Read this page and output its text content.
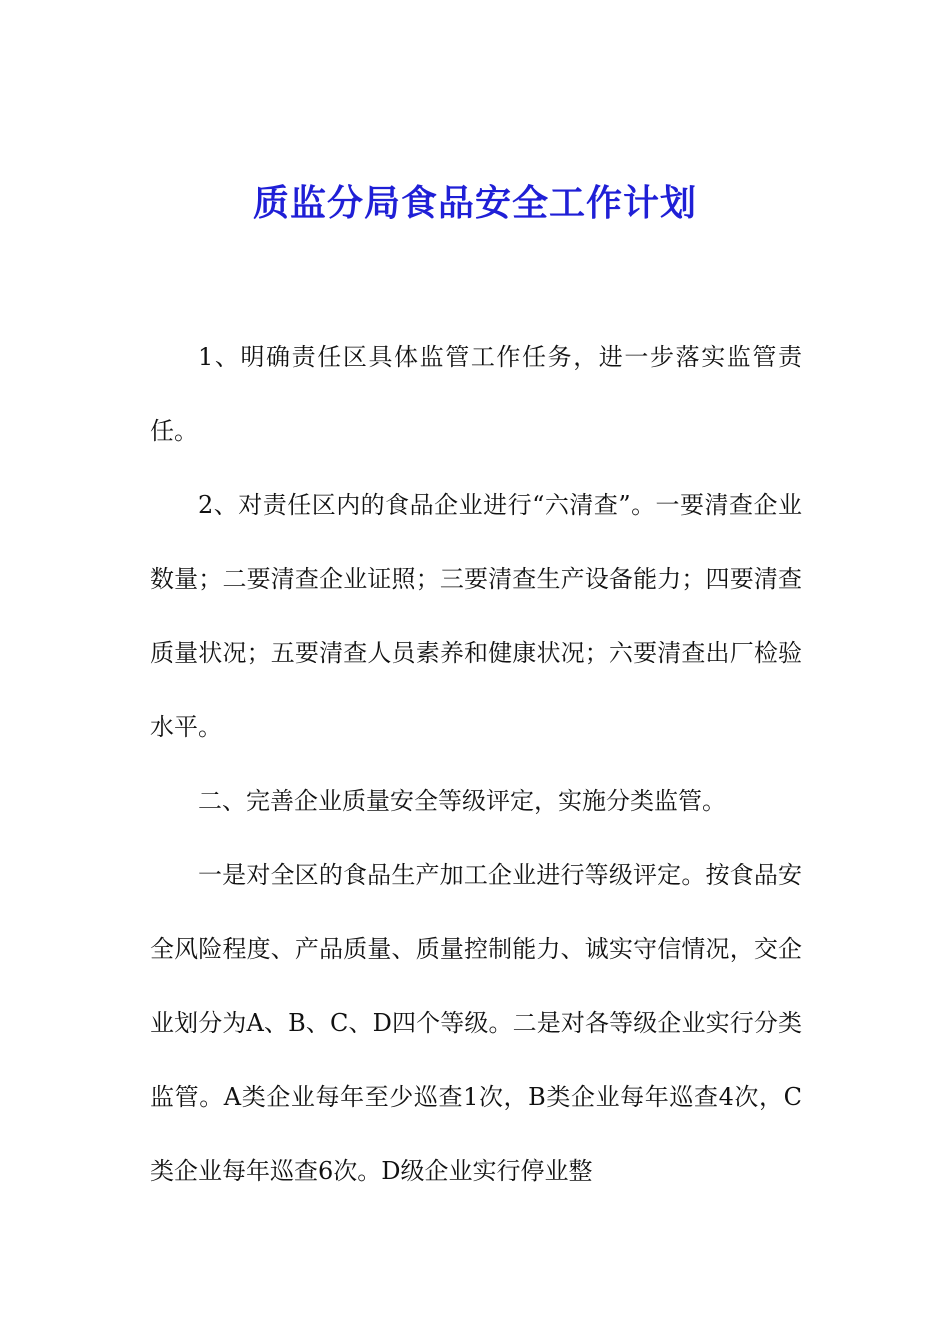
质监分局食品安全工作计划

1、明确责任区具体监管工作任务，进一步落实监管责任。

2、对责任区内的食品企业进行“六清查”。一要清查企业数量；二要清查企业证照；三要清查生产设备能力；四要清查质量状况；五要清查人员素养和健康状况；六要清查出厂检验水平。

二、完善企业质量安全等级评定，实施分类监管。

一是对全区的食品生产加工企业进行等级评定。按食品安全风险程度、产品质量、质量控制能力、诚实守信情况，交企业划分为A、B、C、D四个等级。二是对各等级企业实行分类监管。A类企业每年至少巡查1次，B类企业每年巡查4次，C类企业每年巡查6次。D级企业实行停业整
